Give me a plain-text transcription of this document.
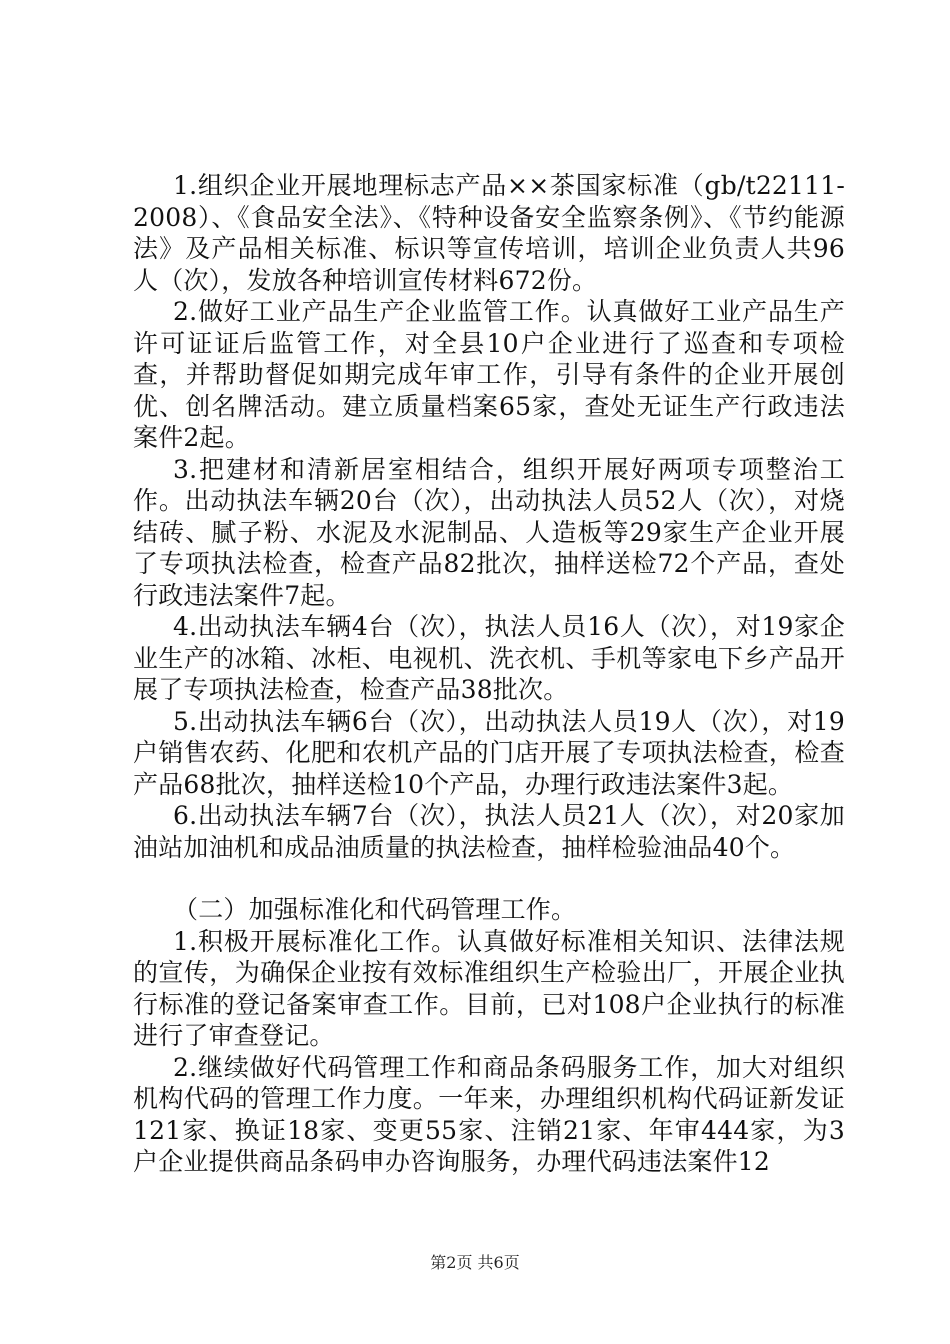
1.组织企业开展地理标志产品××茶国家标准（gb/t22111-2008）、《食品安全法》、《特种设备安全监察条例》、《节约能源法》及产品相关标准、标识等宣传培训，培训企业负责人共96人（次），发放各种培训宣传材料672份。

2.做好工业产品生产企业监管工作。认真做好工业产品生产许可证证后监管工作，对全县10户企业进行了巡查和专项检查，并帮助督促如期完成年审工作，引导有条件的企业开展创优、创名牌活动。建立质量档案65家，查处无证生产行政违法案件2起。

3.把建材和清新居室相结合，组织开展好两项专项整治工作。出动执法车辆20台（次），出动执法人员52人（次），对烧结砖、腻子粉、水泥及水泥制品、人造板等29家生产企业开展了专项执法检查，检查产品82批次，抽样送检72个产品，查处行政违法案件7起。

4.出动执法车辆4台（次），执法人员16人（次），对19家企业生产的冰箱、冰柜、电视机、洗衣机、手机等家电下乡产品开展了专项执法检查，检查产品38批次。

5.出动执法车辆6台（次），出动执法人员19人（次），对19户销售农药、化肥和农机产品的门店开展了专项执法检查，检查产品68批次，抽样送检10个产品，办理行政违法案件3起。

6.出动执法车辆7台（次），执法人员21人（次），对20家加油站加油机和成品油质量的执法检查，抽样检验油品40个。

（二）加强标准化和代码管理工作。

1.积极开展标准化工作。认真做好标准相关知识、法律法规的宣传，为确保企业按有效标准组织生产检验出厂，开展企业执行标准的登记备案审查工作。目前，已对108户企业执行的标准进行了审查登记。

2.继续做好代码管理工作和商品条码服务工作，加大对组织机构代码的管理工作力度。一年来，办理组织机构代码证新发证121家、换证18家、变更55家、注销21家、年审444家，为3户企业提供商品条码申办咨询服务，办理代码违法案件12

第2页 共6页
